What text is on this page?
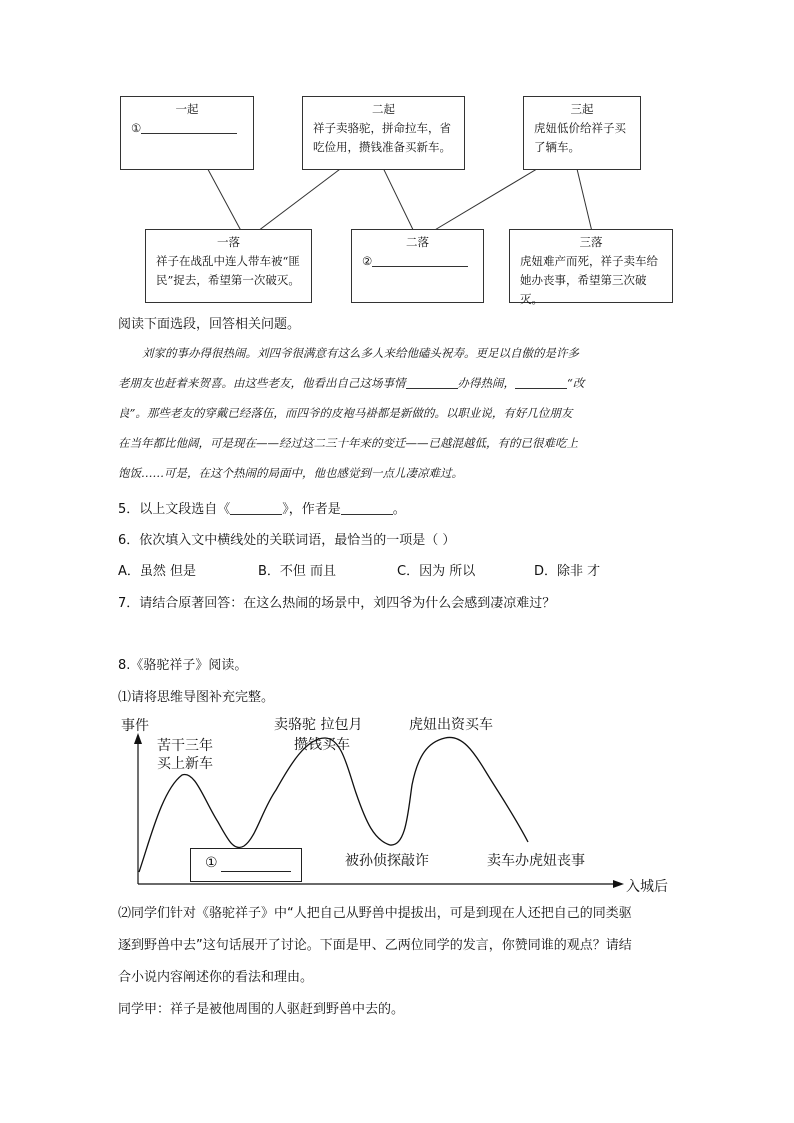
一起
①
二起
祥子卖骆驼，拼命拉车，省
吃俭用，攒钱准备买新车。
三起
虎妞低价给祥子买
了辆车。
一落
祥子在战乱中连人带车被“匪
民”捉去，希望第一次破灭。
二落
②
三落
虎妞难产而死，祥子卖车给
她办丧事，希望第三次破灭。
阅读下面选段，回答相关问题。

刘家的事办得很热闹。刘四爷很满意有这么多人来给他磕头祝寿。更足以自傲的是许多

老朋友也赶着来贺喜。由这些老友，他看出自己这场事情	办得热闹，	“改

良”。那些老友的穿戴已经落伍，而四爷的皮袍马褂都是新做的。以职业说，有好几位朋友

在当年都比他阔，可是现在——经过这二三十年来的变迁——已越混越低，有的已很难吃上

饱饭……可是，在这个热闹的局面中，他也感觉到一点儿凄凉难过。

5．以上文段选自《	》，作者是	。
6．依次填入文中横线处的关联词语，最恰当的一项是（ ）
A．虽然 但是	B．不但 而且	C．因为 所以	D．除非 才
7．请结合原著回答：在这么热闹的场景中，刘四爷为什么会感到凄凉难过？
8.《骆驼祥子》阅读。
⑴请将思维导图补充完整。
事件
入城后
苦干三年
买上新车
卖骆驼 拉包月
攒钱买车
虎妞出资买车
被孙侦探敲诈	卖车办虎妞丧事
①
⑵同学们针对《骆驼祥子》中“人把自己从野兽中提拔出，可是到现在人还把自己的同类驱
逐到野兽中去”这句话展开了讨论。下面是甲、乙两位同学的发言，你赞同谁的观点？请结
合小说内容阐述你的看法和理由。
同学甲：祥子是被他周围的人驱赶到野兽中去的。
